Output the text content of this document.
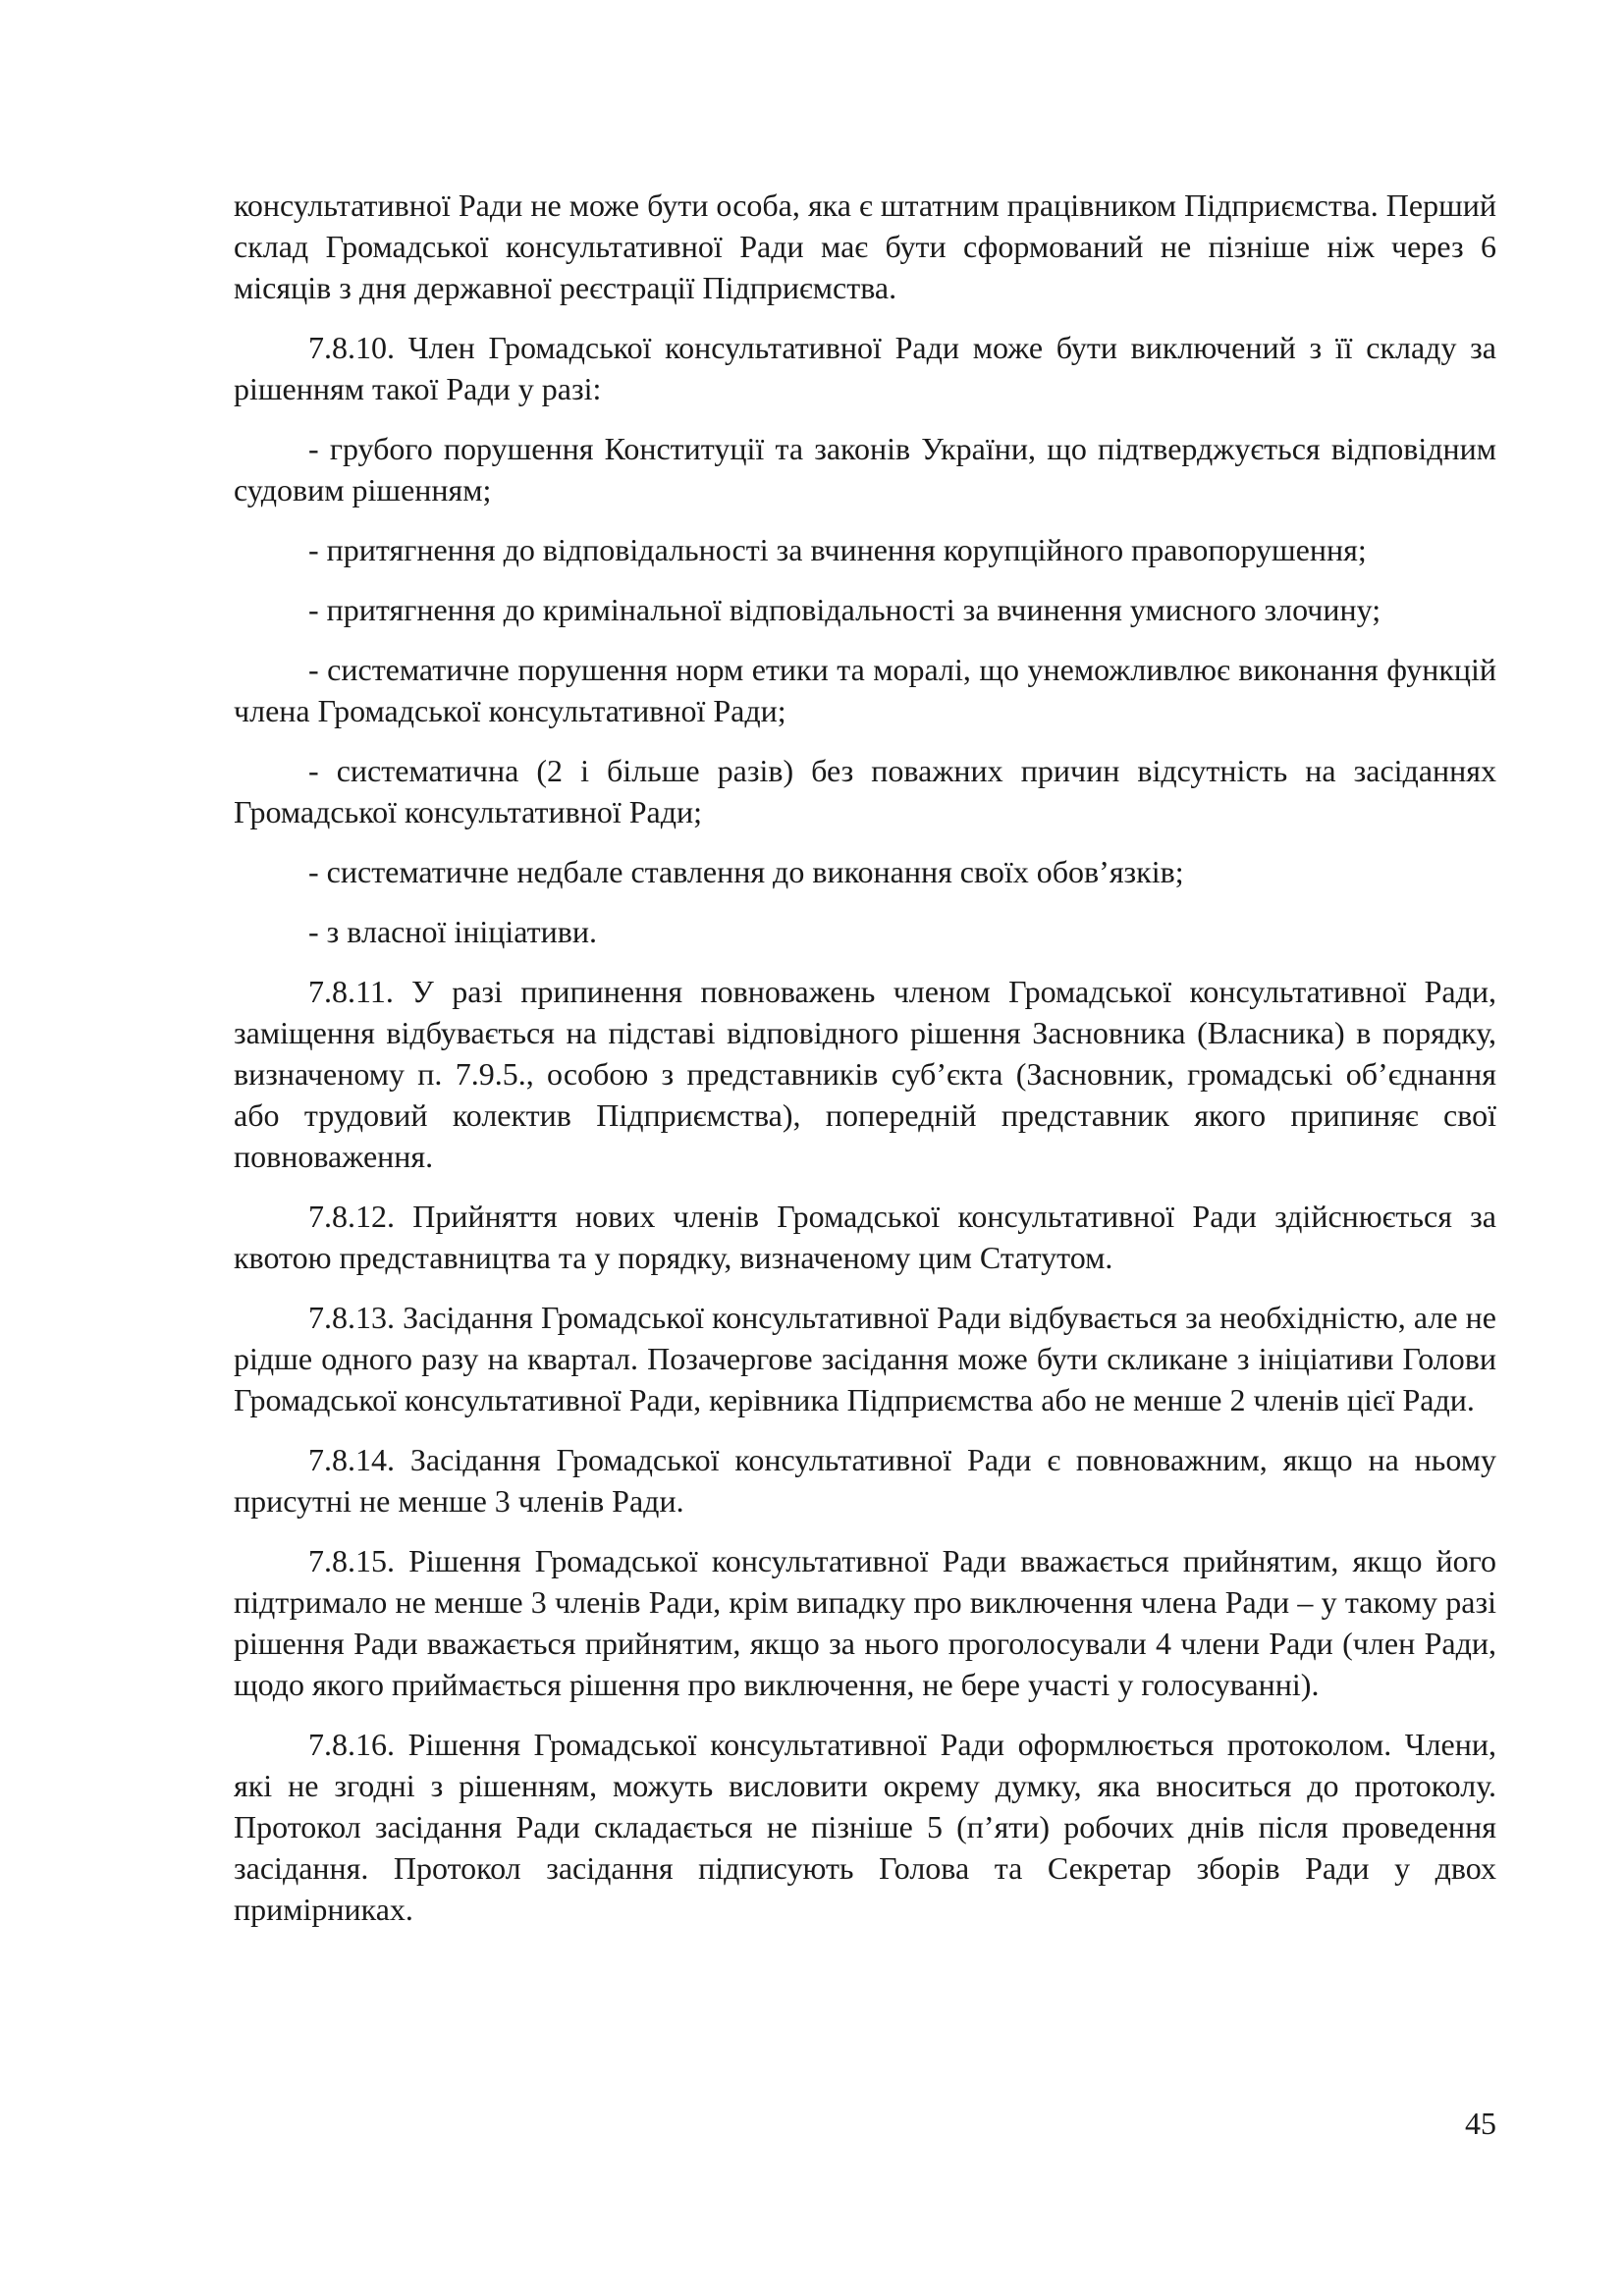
консультативної Ради не може бути особа, яка є штатним працівником Підприємства. Перший склад Громадської консультативної Ради має бути сформований не пізніше ніж через 6 місяців з дня державної реєстрації Підприємства.

7.8.10. Член Громадської консультативної Ради може бути виключений з її складу за рішенням такої Ради у разі:

- грубого порушення Конституції та законів України, що підтверджується відповідним судовим рішенням;

- притягнення до відповідальності за вчинення корупційного правопорушення;

- притягнення до кримінальної відповідальності за вчинення умисного злочину;

- систематичне порушення норм етики та моралі, що унеможливлює виконання функцій члена Громадської консультативної Ради;

- систематична (2 і більше разів) без поважних причин відсутність на засіданнях Громадської консультативної Ради;

- систематичне недбале ставлення до виконання своїх обов’язків;

- з власної ініціативи.

7.8.11. У разі припинення повноважень членом Громадської консультативної Ради, заміщення відбувається на підставі відповідного рішення Засновника (Власника) в порядку, визначеному п. 7.9.5., особою з представників суб’єкта (Засновник, громадські об’єднання або трудовий колектив Підприємства), попередній представник якого припиняє свої повноваження.

7.8.12. Прийняття нових членів Громадської консультативної Ради здійснюється за квотою представництва та у порядку, визначеному цим Статутом.

7.8.13. Засідання Громадської консультативної Ради відбувається за необхідністю, але не рідше одного разу на квартал. Позачергове засідання може бути скликане з ініціативи Голови Громадської консультативної Ради, керівника Підприємства або не менше 2 членів цієї Ради.

7.8.14. Засідання Громадської консультативної Ради є повноважним, якщо на ньому присутні не менше 3 членів Ради.

7.8.15. Рішення Громадської консультативної Ради вважається прийнятим, якщо його підтримало не менше 3 членів Ради, крім випадку про виключення члена Ради – у такому разі рішення Ради вважається прийнятим, якщо за нього проголосували 4 члени Ради (член Ради, щодо якого приймається рішення про виключення, не бере участі у голосуванні).

7.8.16. Рішення Громадської консультативної Ради оформлюється протоколом. Члени, які не згодні з рішенням, можуть висловити окрему думку, яка вноситься до протоколу. Протокол засідання Ради складається не пізніше 5 (п’яти) робочих днів після проведення засідання. Протокол засідання підписують Голова та Секретар зборів Ради у двох примірниках.

45
